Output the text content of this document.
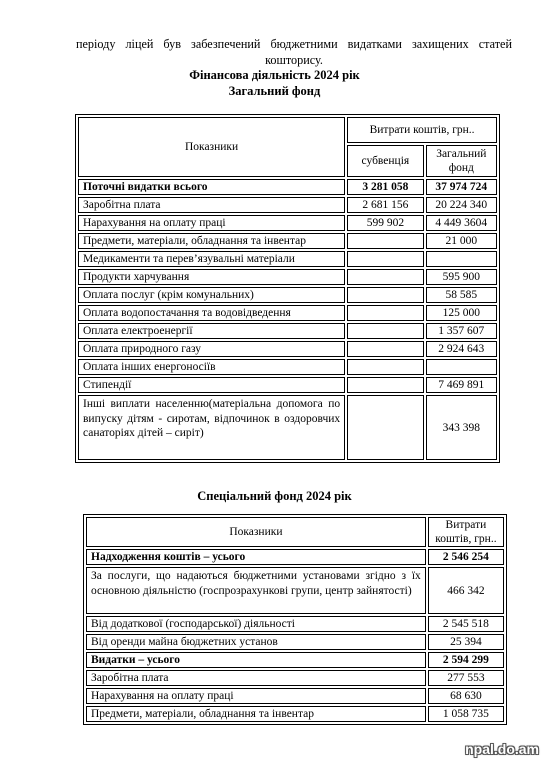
періоду ліцей був забезпечений бюджетними видатками захищених статей
кошторису.
Фінансова діяльність 2024 рік
Загальний фонд
Показники	Витрати коштів, грн..	
	субвенція	Загальний фонд
Поточні видатки всього	3 281 058	37 974 724
Заробітна плата	2 681 156	20 224 340
Нарахування на оплату праці	599 902	4 449 3604
Предмети, матеріали, обладнання та інвентар		21 000
Медикаменти та перев’язувальні матеріали		
Продукти харчування		595 900
Оплата послуг (крім комунальних)		58 585
Оплата водопостачання та водовідведення		125 000
Оплата електроенергії		1 357 607
Оплата природного газу		2 924 643
Оплата інших енергоносіїв		
Стипендії		7 469 891
Інші виплати населенню(матеріальна допомога по випуску дітям - сиротам, відпочинок в оздоровчих санаторіях дітей – сиріт)		343 398
Спеціальний фонд 2024 рік
Показники	Витрати коштів, грн..
Надходження коштів – усього	2 546 254
За послуги, що надаються бюджетними установами згідно з їх основною діяльністю (госпрозрахункові групи, центр зайнятості)	466 342
Від додаткової (господарської) діяльності	2 545 518
Від оренди майна бюджетних установ	25 394
Видатки – усього	2 594 299
Заробітна плата	277 553
Нарахування на оплату праці	68 630
Предмети, матеріали, обладнання та інвентар	1 058 735
npal.do.am
